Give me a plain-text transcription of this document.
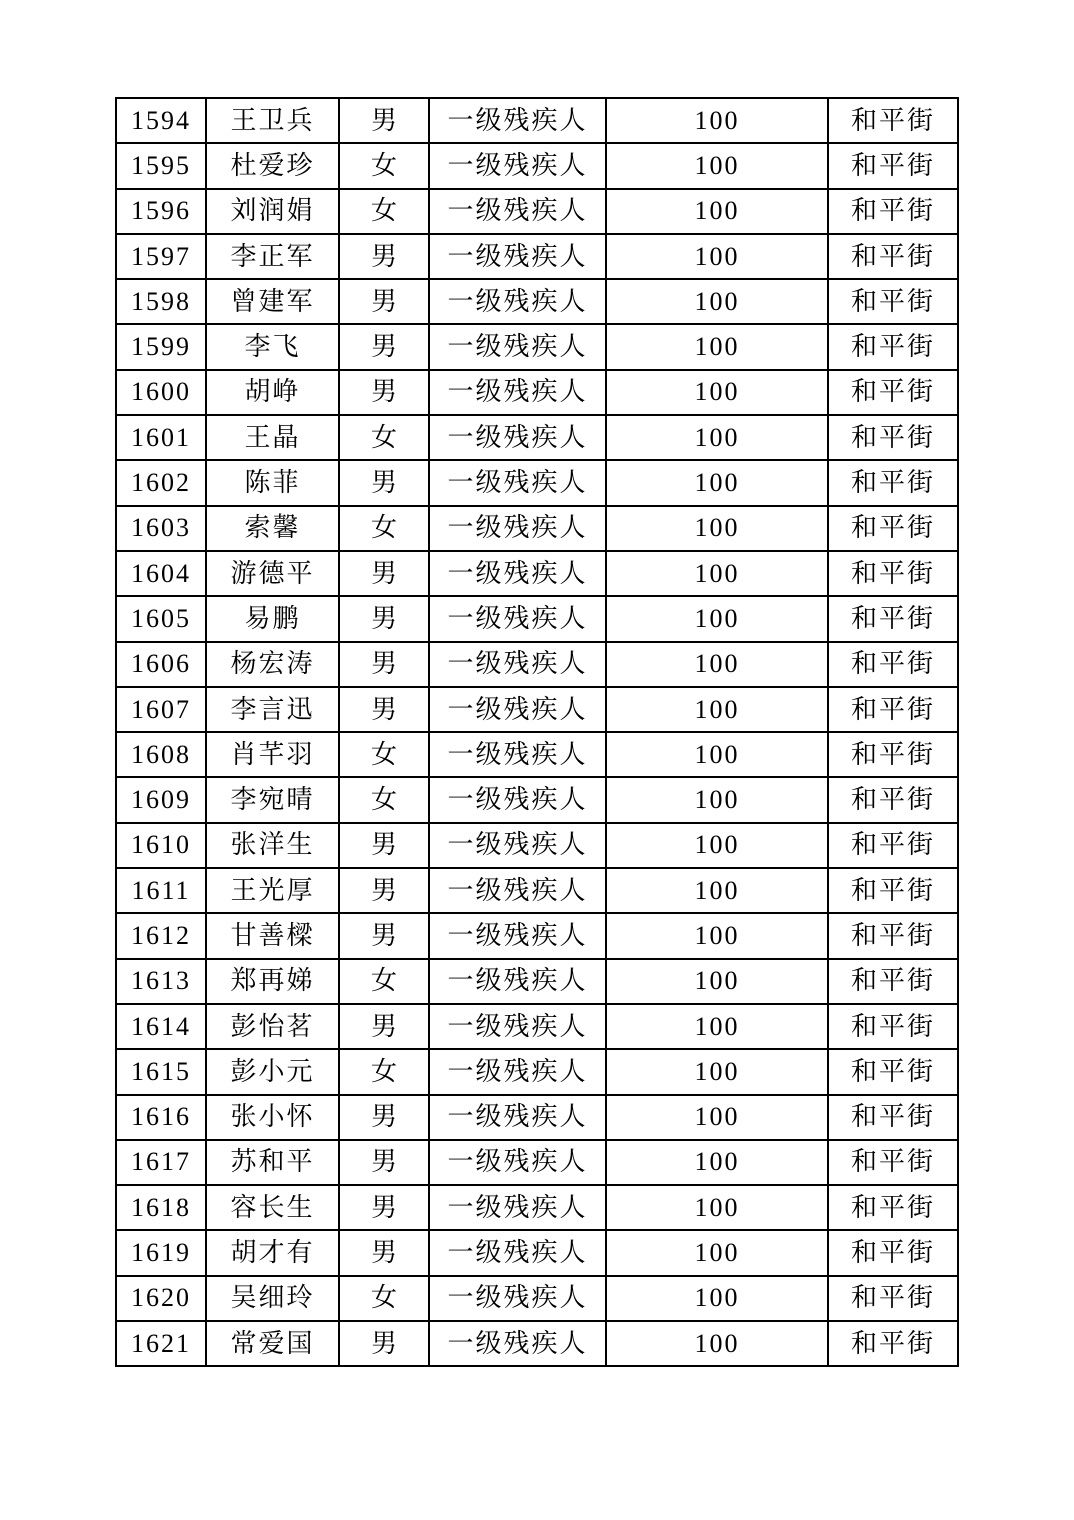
1594	王卫兵	男	一级残疾人	100	和平街
1595	杜爱珍	女	一级残疾人	100	和平街
1596	刘润娟	女	一级残疾人	100	和平街
1597	李正军	男	一级残疾人	100	和平街
1598	曾建军	男	一级残疾人	100	和平街
1599	李飞	男	一级残疾人	100	和平街
1600	胡峥	男	一级残疾人	100	和平街
1601	王晶	女	一级残疾人	100	和平街
1602	陈菲	男	一级残疾人	100	和平街
1603	索馨	女	一级残疾人	100	和平街
1604	游德平	男	一级残疾人	100	和平街
1605	易鹏	男	一级残疾人	100	和平街
1606	杨宏涛	男	一级残疾人	100	和平街
1607	李言迅	男	一级残疾人	100	和平街
1608	肖芊羽	女	一级残疾人	100	和平街
1609	李宛晴	女	一级残疾人	100	和平街
1610	张洋生	男	一级残疾人	100	和平街
1611	王光厚	男	一级残疾人	100	和平街
1612	甘善樑	男	一级残疾人	100	和平街
1613	郑再娣	女	一级残疾人	100	和平街
1614	彭怡茗	男	一级残疾人	100	和平街
1615	彭小元	女	一级残疾人	100	和平街
1616	张小怀	男	一级残疾人	100	和平街
1617	苏和平	男	一级残疾人	100	和平街
1618	容长生	男	一级残疾人	100	和平街
1619	胡才有	男	一级残疾人	100	和平街
1620	吴细玲	女	一级残疾人	100	和平街
1621	常爱国	男	一级残疾人	100	和平街
